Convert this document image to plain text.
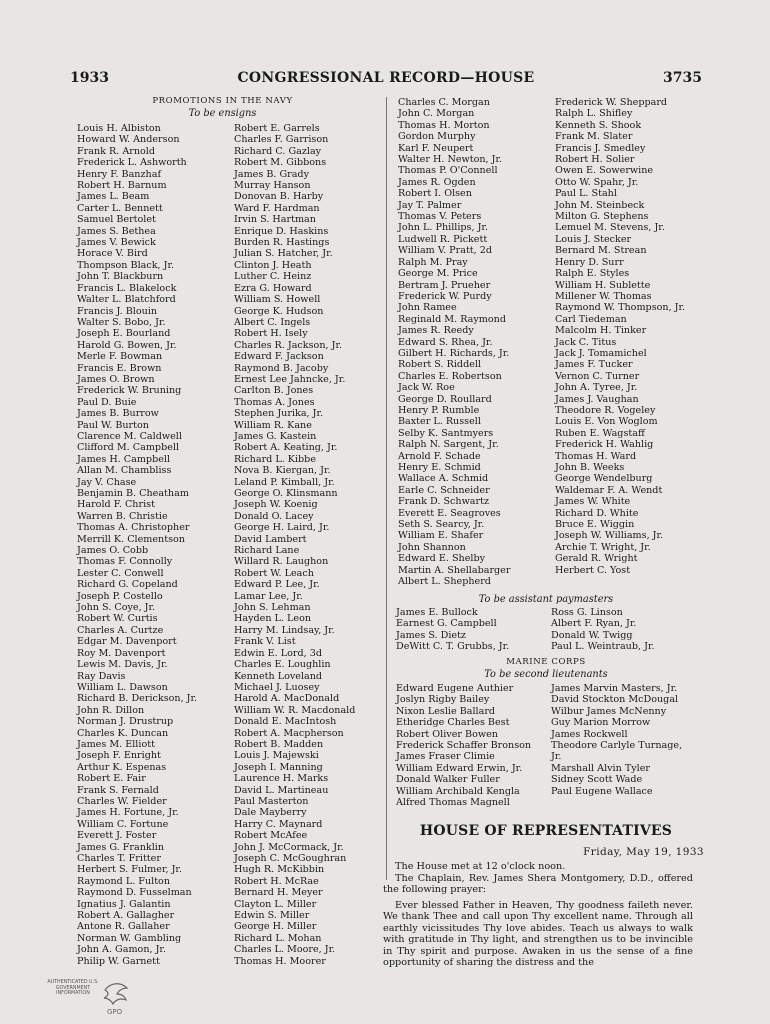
1933	CONGRESSIONAL RECORD—HOUSE	3735
PROMOTIONS IN THE NAVY
To be ensigns
Louis H. Albiston
Howard W. Anderson
Frank R. Arnold
Frederick L. Ashworth
Henry F. Banzhaf
Robert H. Barnum
James L. Beam
Carter L. Bennett
Samuel Bertolet
James S. Bethea
James V. Bewick
Horace V. Bird
Thompson Black, Jr.
John T. Blackburn
Francis L. Blakelock
Walter L. Blatchford
Francis J. Blouin
Walter S. Bobo, Jr.
Joseph E. Bourland
Harold G. Bowen, Jr.
Merle F. Bowman
Francis E. Brown
James O. Brown
Frederick W. Bruning
Paul D. Buie
James B. Burrow
Paul W. Burton
Clarence M. Caldwell
Clifford M. Campbell
James H. Campbell
Allan M. Chambliss
Jay V. Chase
Benjamin B. Cheatham
Harold F. Christ
Warren B. Christie
Thomas A. Christopher
Merrill K. Clementson
James O. Cobb
Thomas F. Connolly
Lester C. Conwell
Richard G. Copeland
Joseph P. Costello
John S. Coye, Jr.
Robert W. Curtis
Charles A. Curtze
Edgar M. Davenport
Roy M. Davenport
Lewis M. Davis, Jr.
Ray Davis
William L. Dawson
Richard B. Derickson, Jr.
John R. Dillon
Norman J. Drustrup
Charles K. Duncan
James M. Elliott
Joseph F. Enright
Arthur K. Espenas
Robert E. Fair
Frank S. Fernald
Charles W. Fielder
James H. Fortune, Jr.
William C. Fortune
Everett J. Foster
James G. Franklin
Charles T. Fritter
Herbert S. Fulmer, Jr.
Raymond L. Fulton
Raymond D. Fusselman
Ignatius J. Galantin
Robert A. Gallagher
Antone R. Gallaher
Norman W. Gambling
John A. Gamon, Jr.
Philip W. Garnett
Robert E. Garrels
Charles F. Garrison
Richard C. Gazlay
Robert M. Gibbons
James B. Grady
Murray Hanson
Donovan B. Harby
Ward F. Hardman
Irvin S. Hartman
Enrique D. Haskins
Burden R. Hastings
Julian S. Hatcher, Jr.
Clinton J. Heath
Luther C. Heinz
Ezra G. Howard
William S. Howell
George K. Hudson
Albert C. Ingels
Robert H. Isely
Charles R. Jackson, Jr.
Edward F. Jackson
Raymond B. Jacoby
Ernest Lee Jahncke, Jr.
Carlton B. Jones
Thomas A. Jones
Stephen Jurika, Jr.
William R. Kane
James G. Kastein
Robert A. Keating, Jr.
Richard L. Kibbe
Nova B. Kiergan, Jr.
Leland P. Kimball, Jr.
George O. Klinsmann
Joseph W. Koenig
Donald O. Lacey
George H. Laird, Jr.
David Lambert
Richard Lane
Willard R. Laughon
Robert W. Leach
Edward P. Lee, Jr.
Lamar Lee, Jr.
John S. Lehman
Hayden L. Leon
Harry M. Lindsay, Jr.
Frank V. List
Edwin E. Lord, 3d
Charles E. Loughlin
Kenneth Loveland
Michael J. Luosey
Harold A. MacDonald
William W. R. Macdonald
Donald E. MacIntosh
Robert A. Macpherson
Robert B. Madden
Louis J. Majewski
Joseph I. Manning
Laurence H. Marks
David L. Martineau
Paul Masterton
Dale Mayberry
Harry C. Maynard
Robert McAfee
John J. McCormack, Jr.
Joseph C. McGoughran
Hugh R. McKibbin
Robert H. McRae
Bernard H. Meyer
Clayton L. Miller
Edwin S. Miller
George H. Miller
Richard L. Mohan
Charles L. Moore, Jr.
Thomas H. Moorer
Charles C. Morgan
John C. Morgan
Thomas H. Morton
Gordon Murphy
Karl F. Neupert
Walter H. Newton, Jr.
Thomas P. O'Connell
James R. Ogden
Robert I. Olsen
Jay T. Palmer
Thomas V. Peters
John L. Phillips, Jr.
Ludwell R. Pickett
William V. Pratt, 2d
Ralph M. Pray
George M. Price
Bertram J. Prueher
Frederick W. Purdy
John Ramee
Reginald M. Raymond
James R. Reedy
Edward S. Rhea, Jr.
Gilbert H. Richards, Jr.
Robert S. Riddell
Charles E. Robertson
Jack W. Roe
George D. Roullard
Henry P. Rumble
Baxter L. Russell
Selby K. Santmyers
Ralph N. Sargent, Jr.
Arnold F. Schade
Henry E. Schmid
Wallace A. Schmid
Earle C. Schneider
Frank D. Schwartz
Everett E. Seagroves
Seth S. Searcy, Jr.
William E. Shafer
John Shannon
Edward E. Shelby
Martin A. Shellabarger
Albert L. Shepherd
Frederick W. Sheppard
Ralph L. Shifley
Kenneth S. Shook
Frank M. Slater
Francis J. Smedley
Robert H. Solier
Owen E. Sowerwine
Otto W. Spahr, Jr.
Paul L. Stahl
John M. Steinbeck
Milton G. Stephens
Lemuel M. Stevens, Jr.
Louis J. Stecker
Bernard M. Strean
Henry D. Surr
Ralph E. Styles
William H. Sublette
Millener W. Thomas
Raymond W. Thompson, Jr.
Carl Tiedeman
Malcolm H. Tinker
Jack C. Titus
Jack J. Tomamichel
James F. Tucker
Vernon C. Turner
John A. Tyree, Jr.
James J. Vaughan
Theodore R. Vogeley
Louis E. Von Woglom
Ruben E. Wagstaff
Frederick H. Wahlig
Thomas H. Ward
John B. Weeks
George Wendelburg
Waldemar F. A. Wendt
James W. White
Richard D. White
Bruce E. Wiggin
Joseph W. Williams, Jr.
Archie T. Wright, Jr.
Gerald R. Wright
Herbert C. Yost
To be assistant paymasters
James E. Bullock
Earnest G. Campbell
James S. Dietz
DeWitt C. T. Grubbs, Jr.
Ross G. Linson
Albert F. Ryan, Jr.
Donald W. Twigg
Paul L. Weintraub, Jr.
MARINE CORPS
To be second lieutenants
Edward Eugene Authier
Joslyn Rigby Bailey
Nixon Leslie Ballard
Etheridge Charles Best
Robert Oliver Bowen
Frederick Schaffer Bronson
James Fraser Climie
William Edward Erwin, Jr.
Donald Walker Fuller
William Archibald Kengla
Alfred Thomas Magnell
James Marvin Masters, Jr.
David Stockton McDougal
Wilbur James McNenny
Guy Marion Morrow
James Rockwell
Theodore Carlyle Turnage,
Jr.
Marshall Alvin Tyler
Sidney Scott Wade
Paul Eugene Wallace
HOUSE OF REPRESENTATIVES
Friday, May 19, 1933

The House met at 12 o'clock noon.

The Chaplain, Rev. James Shera Montgomery, D.D., offered the following prayer:

Ever blessed Father in Heaven, Thy goodness faileth never. We thank Thee and call upon Thy excellent name. Through all earthly vicissitudes Thy love abides. Teach us always to walk with gratitude in Thy light, and strengthen us to be invincible in Thy spirit and purpose. Awaken in us the sense of a fine opportunity of sharing the distress and the

AUTHENTICATED U.S. GOVERNMENT INFORMATION
GPO
